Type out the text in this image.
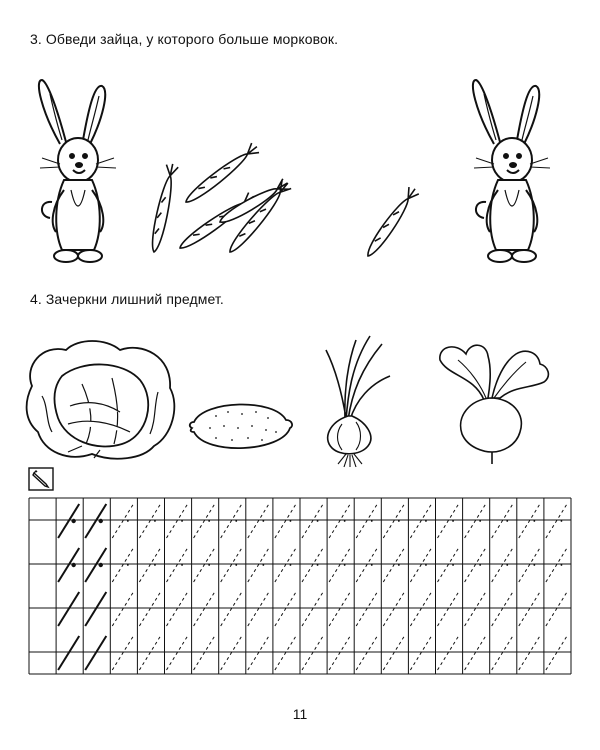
3. Обведи зайца, у которого больше морковок.
4. Зачеркни лишний предмет.
11
